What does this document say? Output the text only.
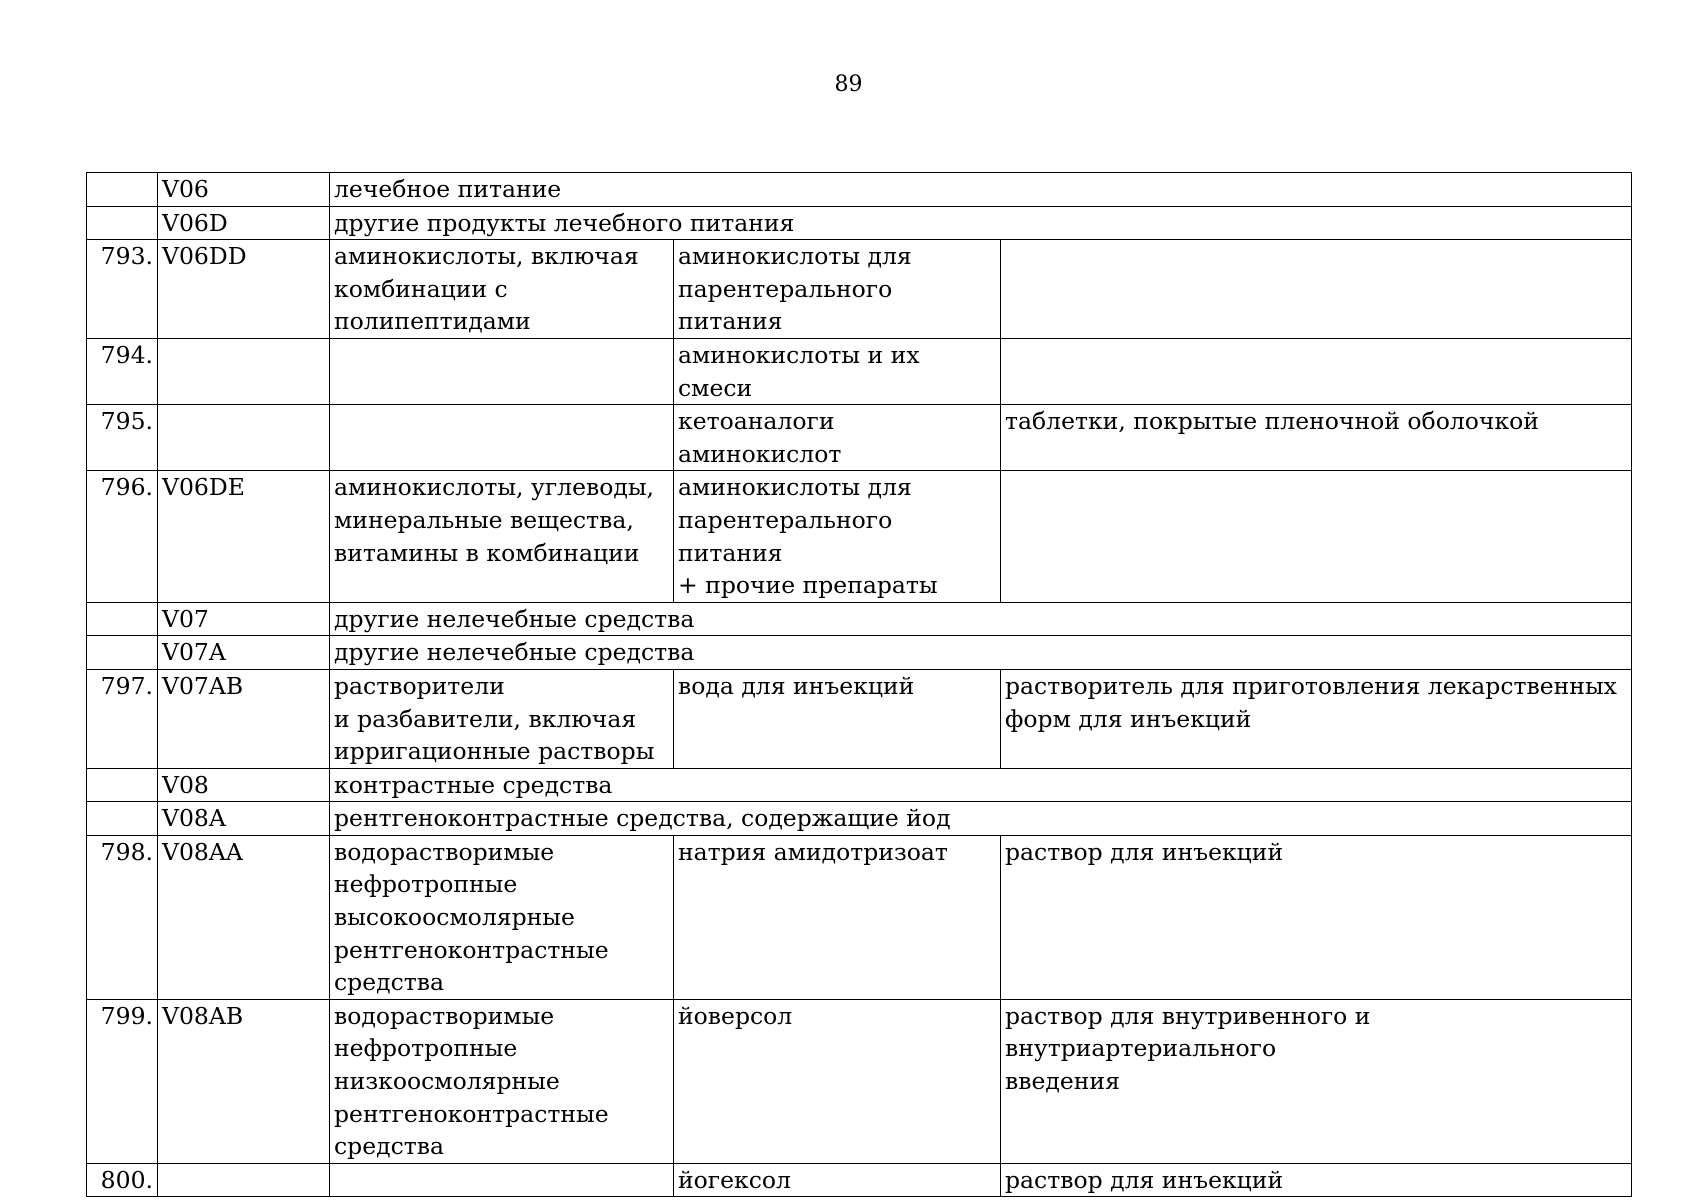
89
	V06	лечебное питание		
	V06D	другие продукты лечебного питания		
793.	V06DD	аминокислоты, включая
комбинации с
полипептидами	аминокислоты для
парентерального питания	
794.			аминокислоты и их смеси	
795.			кетоаналоги аминокислот	таблетки, покрытые пленочной оболочкой
796.	V06DE	аминокислоты, углеводы,
минеральные вещества,
витамины в комбинации	аминокислоты для
парентерального питания
+ прочие препараты	
	V07	другие нелечебные средства		
	V07A	другие нелечебные средства		
797.	V07AB	растворители
и разбавители, включая
ирригационные растворы	вода для инъекций	растворитель для приготовления лекарственных
форм для инъекций
	V08	контрастные средства		
	V08A	рентгеноконтрастные средства, содержащие йод		
798.	V08AA	водорастворимые
нефротропные
высокоосмолярные
рентгеноконтрастные
средства	натрия амидотризоат	раствор для инъекций
799.	V08AB	водорастворимые
нефротропные
низкоосмолярные
рентгеноконтрастные
средства	йоверсол	раствор для внутривенного и внутриартериального
введения
800.			йогексол	раствор для инъекций
